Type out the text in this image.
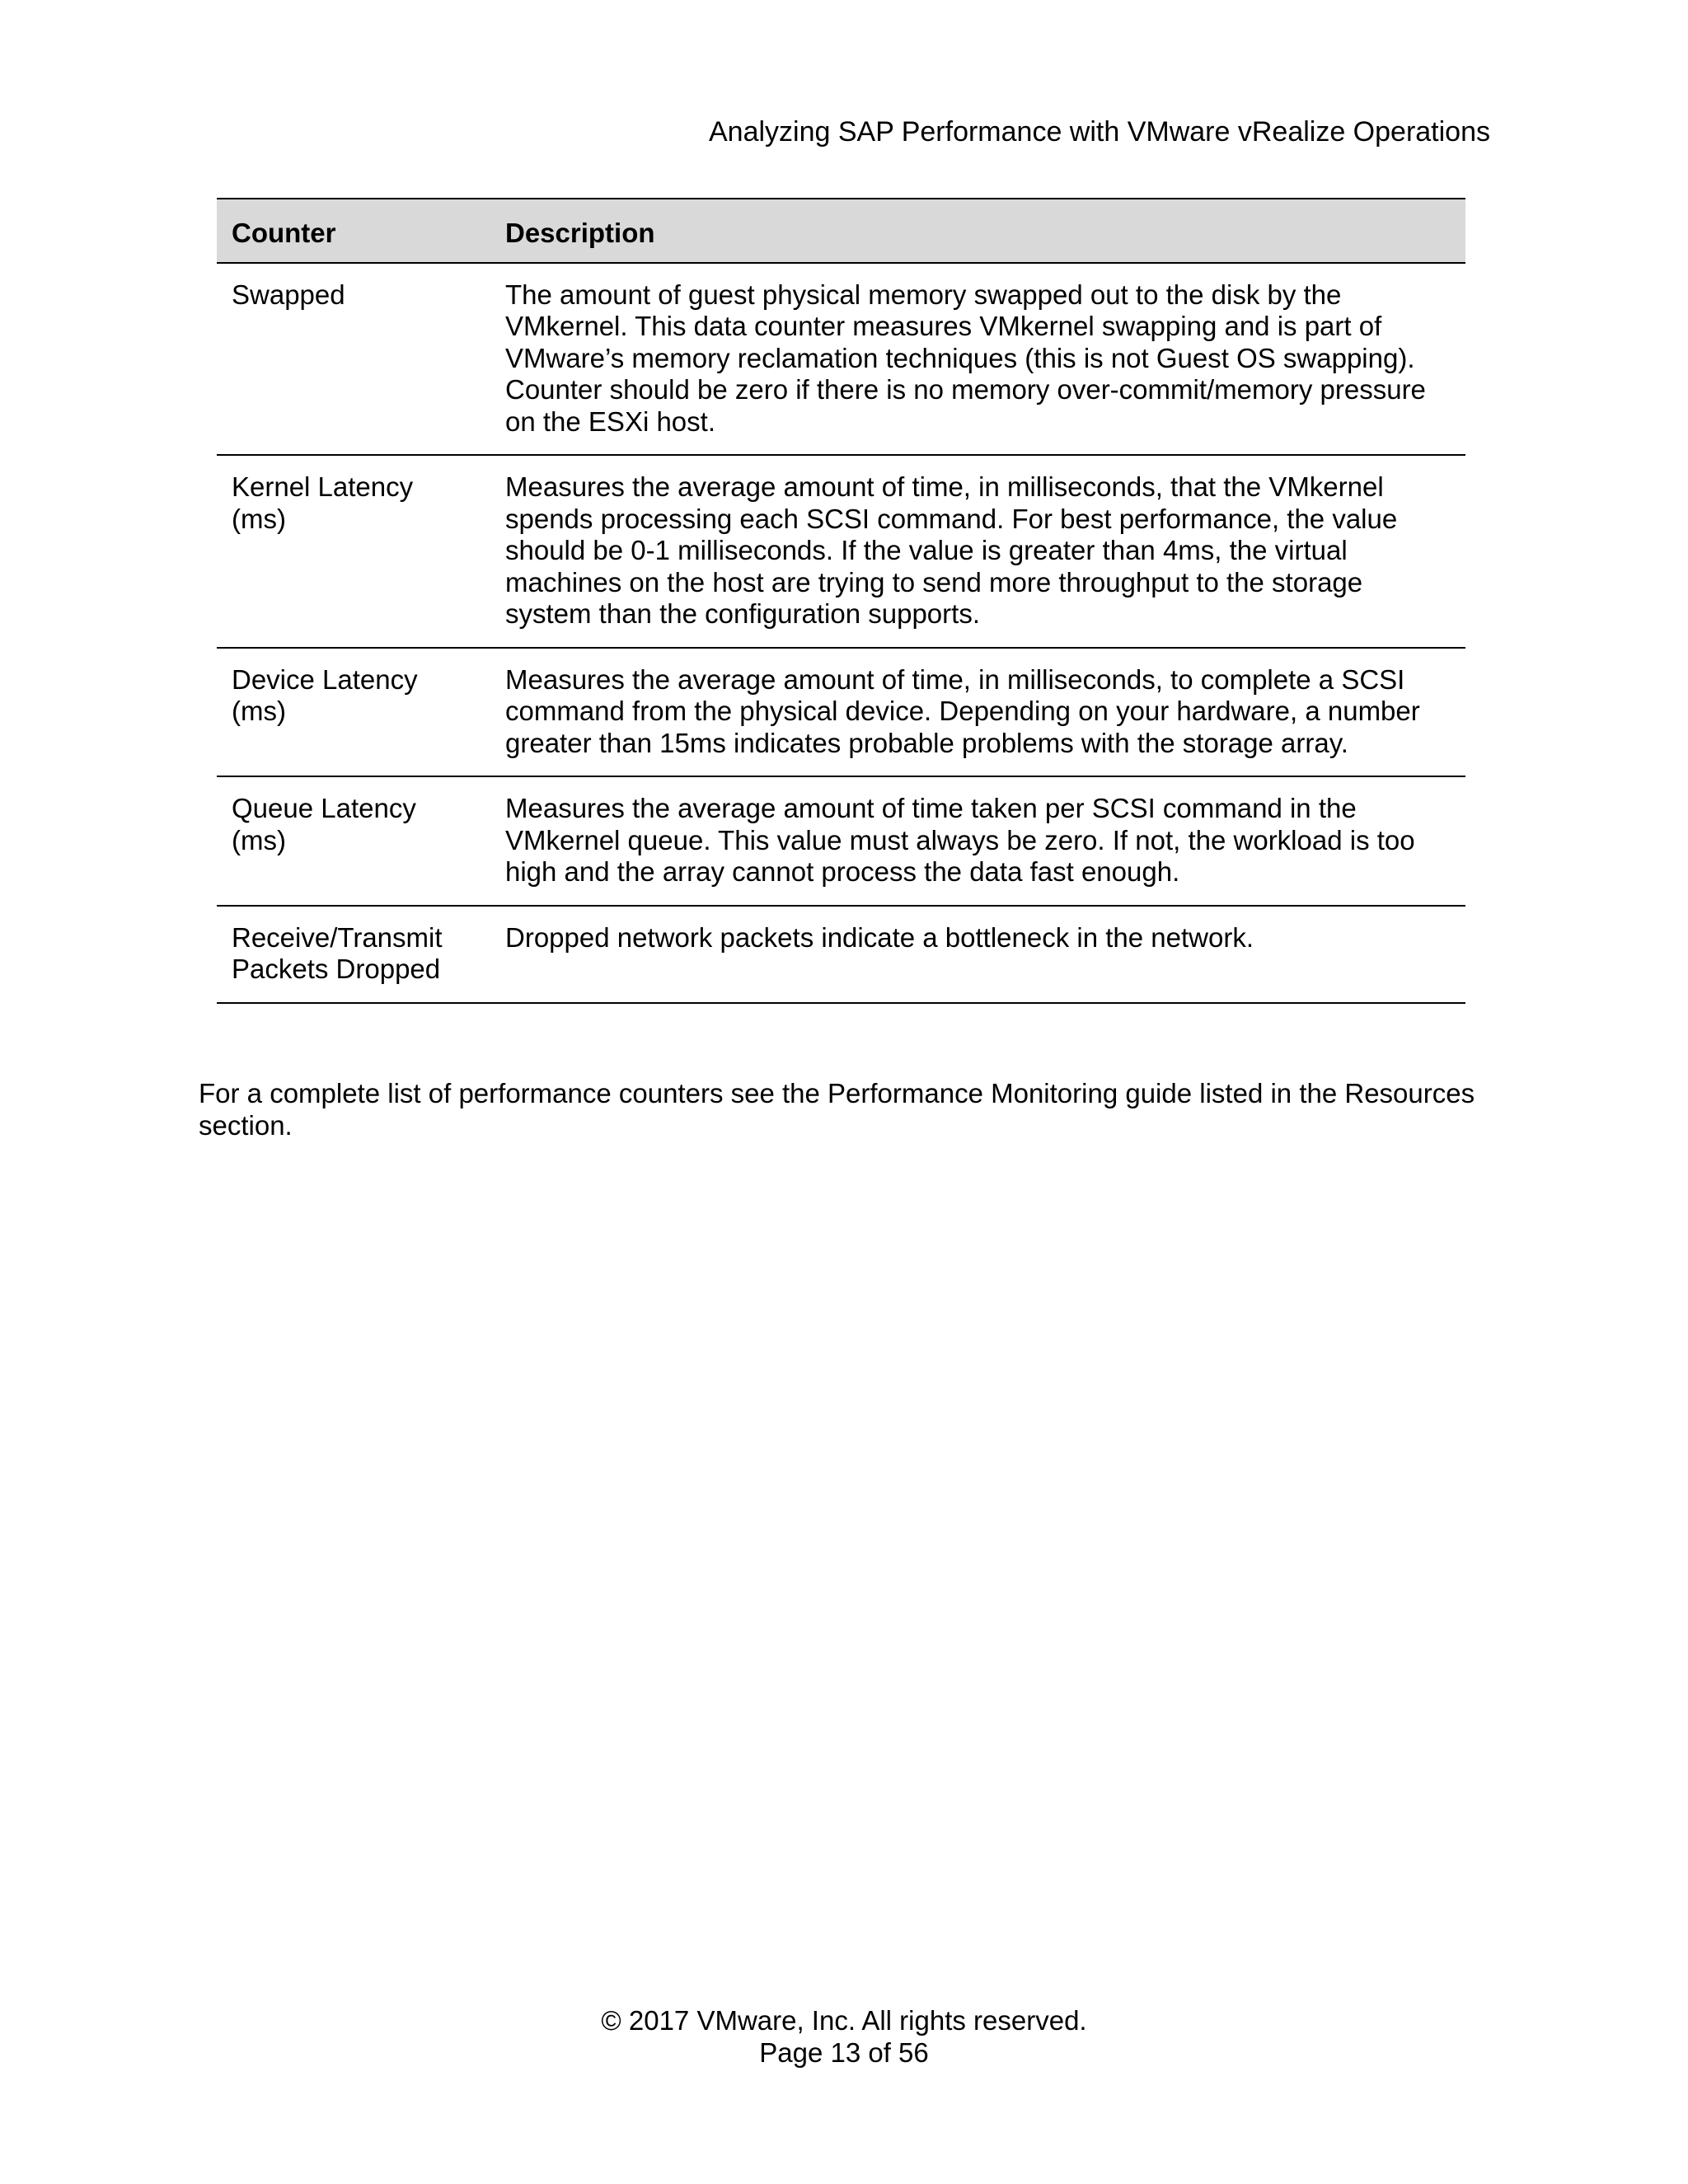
Analyzing SAP Performance with VMware vRealize Operations
Counter	Description
Swapped	The amount of guest physical memory swapped out to the disk by the VMkernel. This data counter measures VMkernel swapping and is part of VMware’s memory reclamation techniques (this is not Guest OS swapping). Counter should be zero if there is no memory over-commit/memory pressure on the ESXi host.
Kernel Latency
(ms)	Measures the average amount of time, in milliseconds, that the VMkernel spends processing each SCSI command. For best performance, the value should be 0-1 milliseconds. If the value is greater than 4ms, the virtual machines on the host are trying to send more throughput to the storage system than the configuration supports.
Device Latency
(ms)	Measures the average amount of time, in milliseconds, to complete a SCSI command from the physical device. Depending on your hardware, a number greater than 15ms indicates probable problems with the storage array.
Queue Latency
(ms)	Measures the average amount of time taken per SCSI command in the VMkernel queue. This value must always be zero. If not, the workload is too high and the array cannot process the data fast enough.
Receive/Transmit
Packets Dropped	Dropped network packets indicate a bottleneck in the network.

For a complete list of performance counters see the Performance Monitoring guide listed in the Resources section.

© 2017 VMware, Inc. All rights reserved.
Page 13 of 56
